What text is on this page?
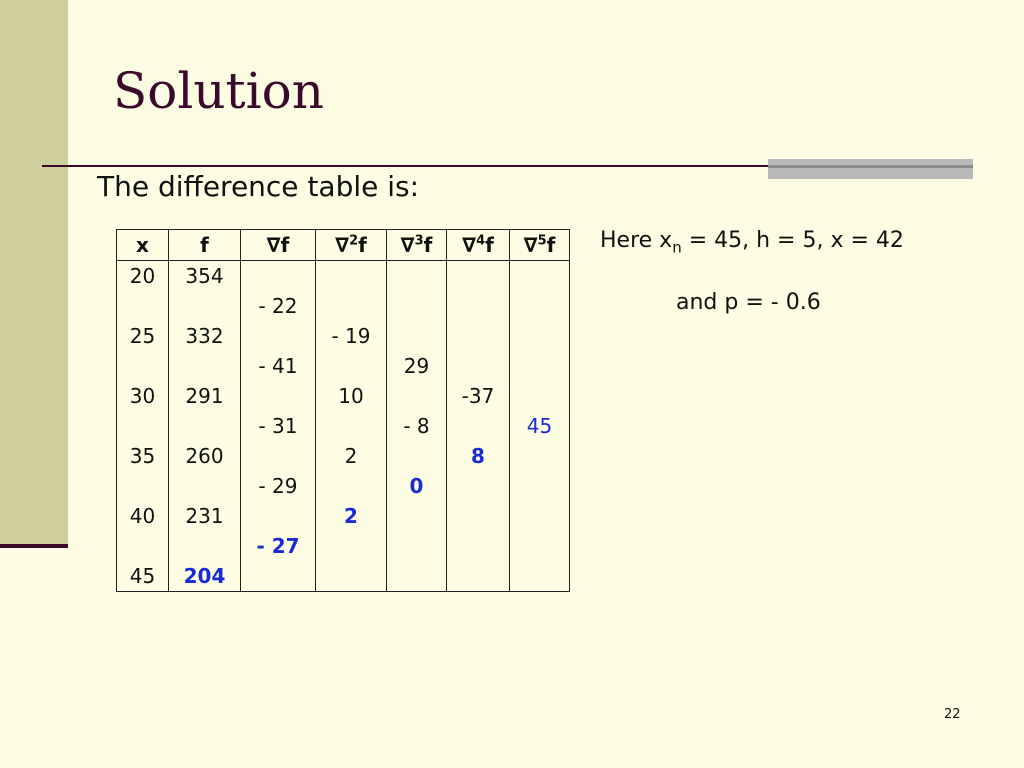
Solution
The difference table is:
x	f	∇f	∇$^2$f	∇$^3$f	∇$^4$f	∇$^5$f
20	354					
		- 22				
25	332		- 19			
		- 41		29		
30	291		10		-37	
		- 31		- 8		45
35	260		2		8	
		- 29		0		
40	231		2			
		- 27				
45	204					
Here $x_n = 45$, h = 5, x = 42
and p = - 0.6
22
